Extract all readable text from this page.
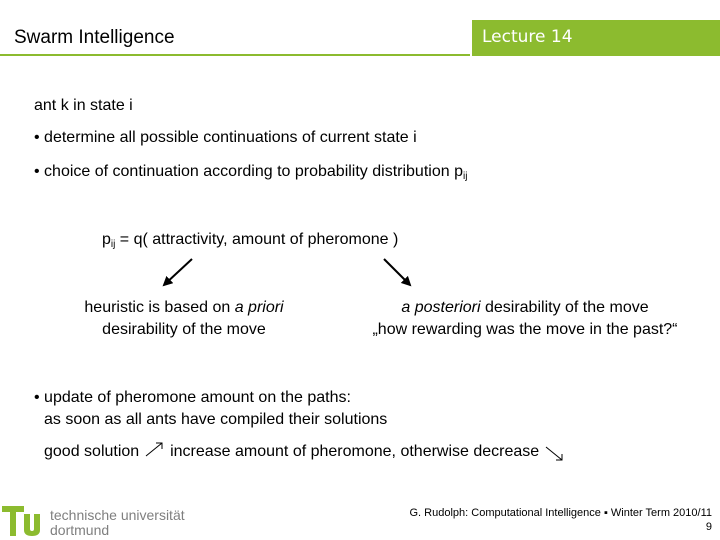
Swarm Intelligence	Lecture 14
ant k in state i
• determine all possible continuations of current state i
• choice of continuation according to probability distribution $p_{ij}$
$p_{ij} = q$( attractivity, amount of pheromone )
heuristic is based on a priori
desirability of the move
a posteriori desirability of the move
„how rewarding was the move in the past?“
• update of pheromone amount on the paths:
as soon as all ants have compiled their solutions
good solution  increase amount of pheromone, otherwise decrease
technische universität
dortmund
G. Rudolph: Computational Intelligence ▪ Winter Term 2010/11
9
